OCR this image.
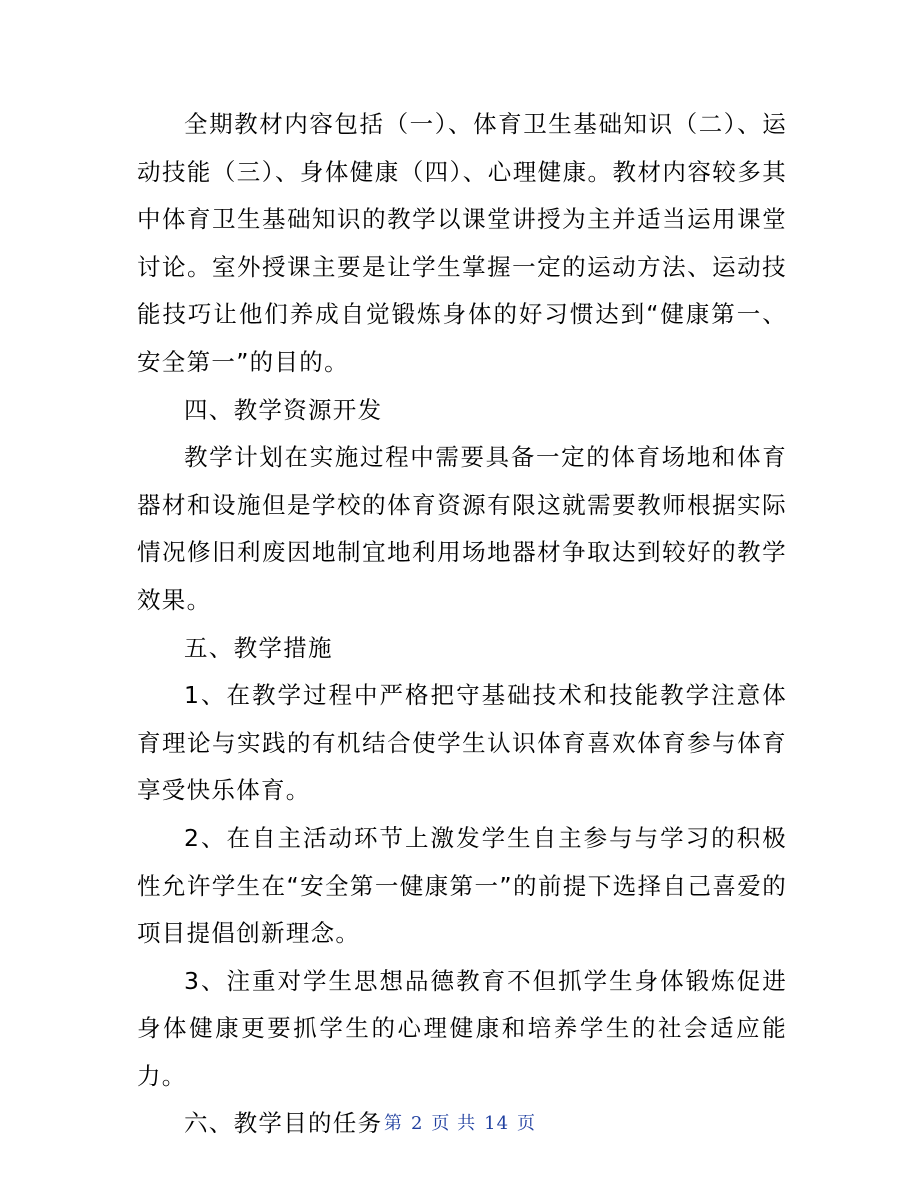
全期教材内容包括（一）、体育卫生基础知识（二）、运动技能（三）、身体健康（四）、心理健康。教材内容较多其中体育卫生基础知识的教学以课堂讲授为主并适当运用课堂讨论。室外授课主要是让学生掌握一定的运动方法、运动技能技巧让他们养成自觉锻炼身体的好习惯达到“健康第一、安全第一”的目的。

四、教学资源开发

教学计划在实施过程中需要具备一定的体育场地和体育器材和设施但是学校的体育资源有限这就需要教师根据实际情况修旧利废因地制宜地利用场地器材争取达到较好的教学效果。

五、教学措施

1、在教学过程中严格把守基础技术和技能教学注意体育理论与实践的有机结合使学生认识体育喜欢体育参与体育享受快乐体育。

2、在自主活动环节上激发学生自主参与与学习的积极性允许学生在“安全第一健康第一”的前提下选择自己喜爱的项目提倡创新理念。

3、注重对学生思想品德教育不但抓学生身体锻炼促进身体健康更要抓学生的心理健康和培养学生的社会适应能力。

六、教学目的任务 第 2 页 共 14 页
